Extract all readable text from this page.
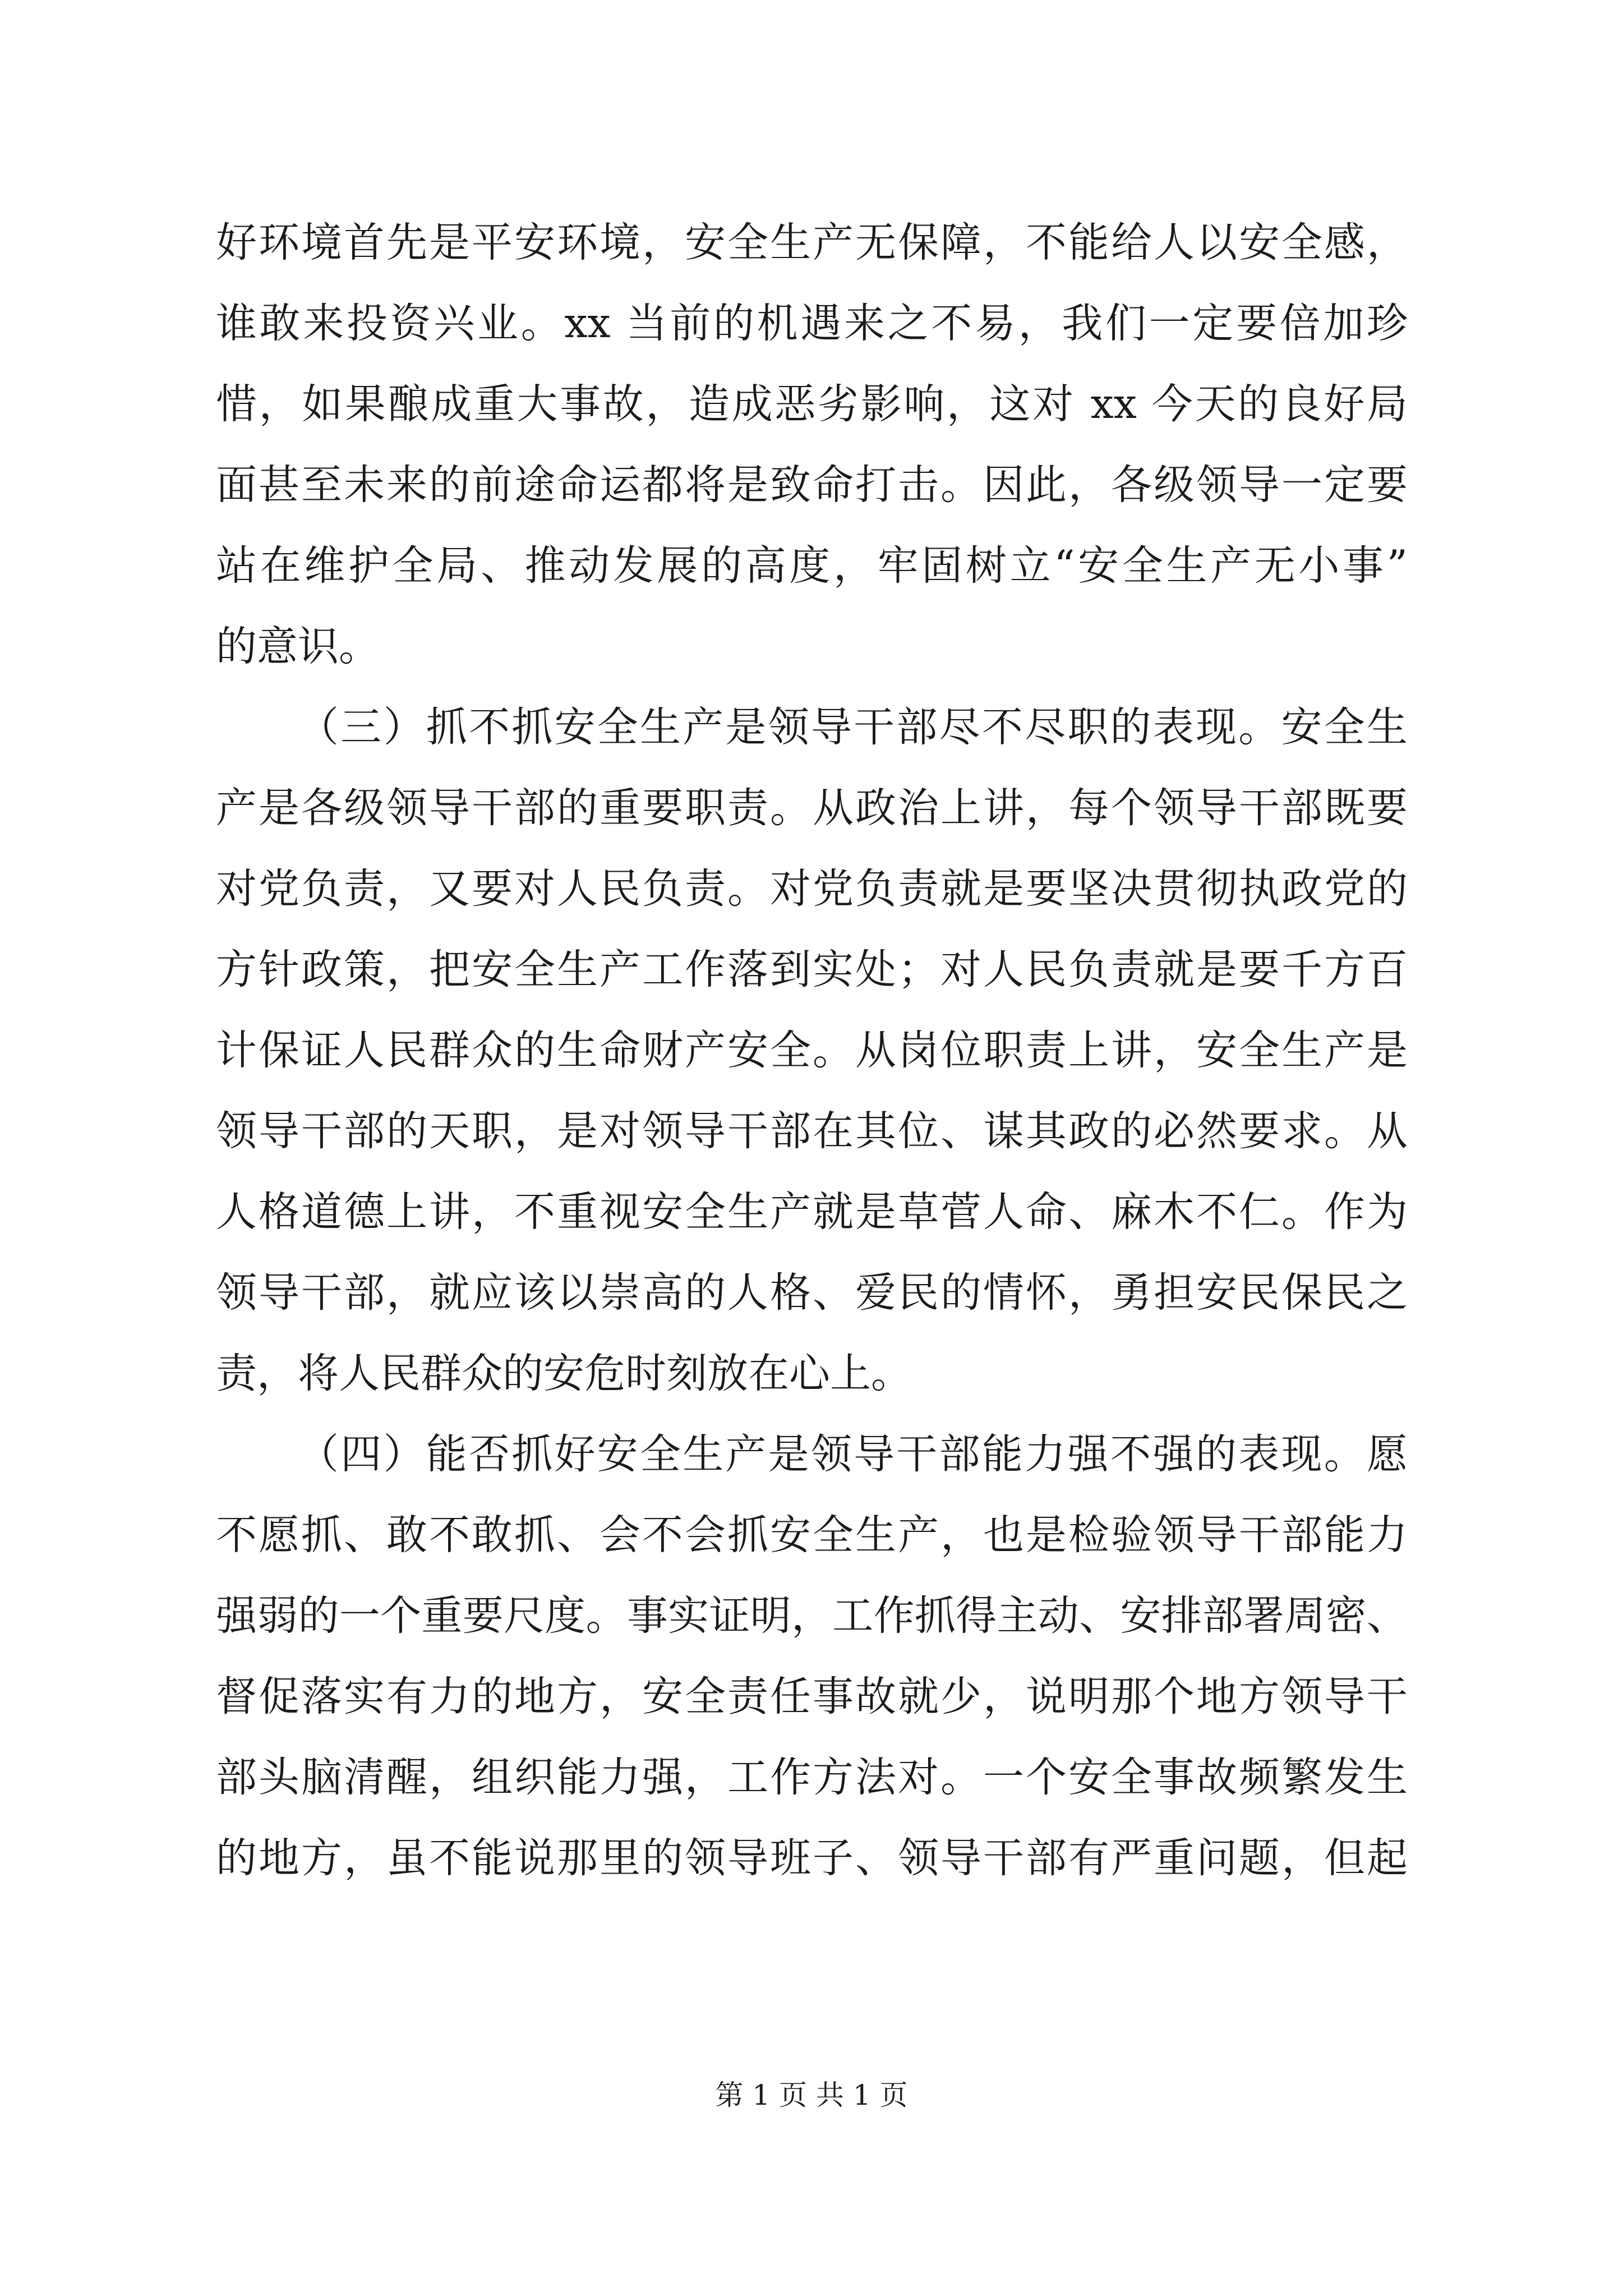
好环境首先是平安环境，安全生产无保障，不能给人以安全感，
谁敢来投资兴业。xx 当前的机遇来之不易，我们一定要倍加珍
惜，如果酿成重大事故，造成恶劣影响，这对 xx 今天的良好局
面甚至未来的前途命运都将是致命打击。因此，各级领导一定要
站在维护全局、推动发展的高度，牢固树立“安全生产无小事”
的意识。
（三）抓不抓安全生产是领导干部尽不尽职的表现。安全生
产是各级领导干部的重要职责。从政治上讲，每个领导干部既要
对党负责，又要对人民负责。对党负责就是要坚决贯彻执政党的
方针政策，把安全生产工作落到实处；对人民负责就是要千方百
计保证人民群众的生命财产安全。从岗位职责上讲，安全生产是
领导干部的天职，是对领导干部在其位、谋其政的必然要求。从
人格道德上讲，不重视安全生产就是草菅人命、麻木不仁。作为
领导干部，就应该以崇高的人格、爱民的情怀，勇担安民保民之
责，将人民群众的安危时刻放在心上。
（四）能否抓好安全生产是领导干部能力强不强的表现。愿
不愿抓、敢不敢抓、会不会抓安全生产，也是检验领导干部能力
强弱的一个重要尺度。事实证明，工作抓得主动、安排部署周密、
督促落实有力的地方，安全责任事故就少，说明那个地方领导干
部头脑清醒，组织能力强，工作方法对。一个安全事故频繁发生
的地方，虽不能说那里的领导班子、领导干部有严重问题，但起
第 1 页 共 1 页
